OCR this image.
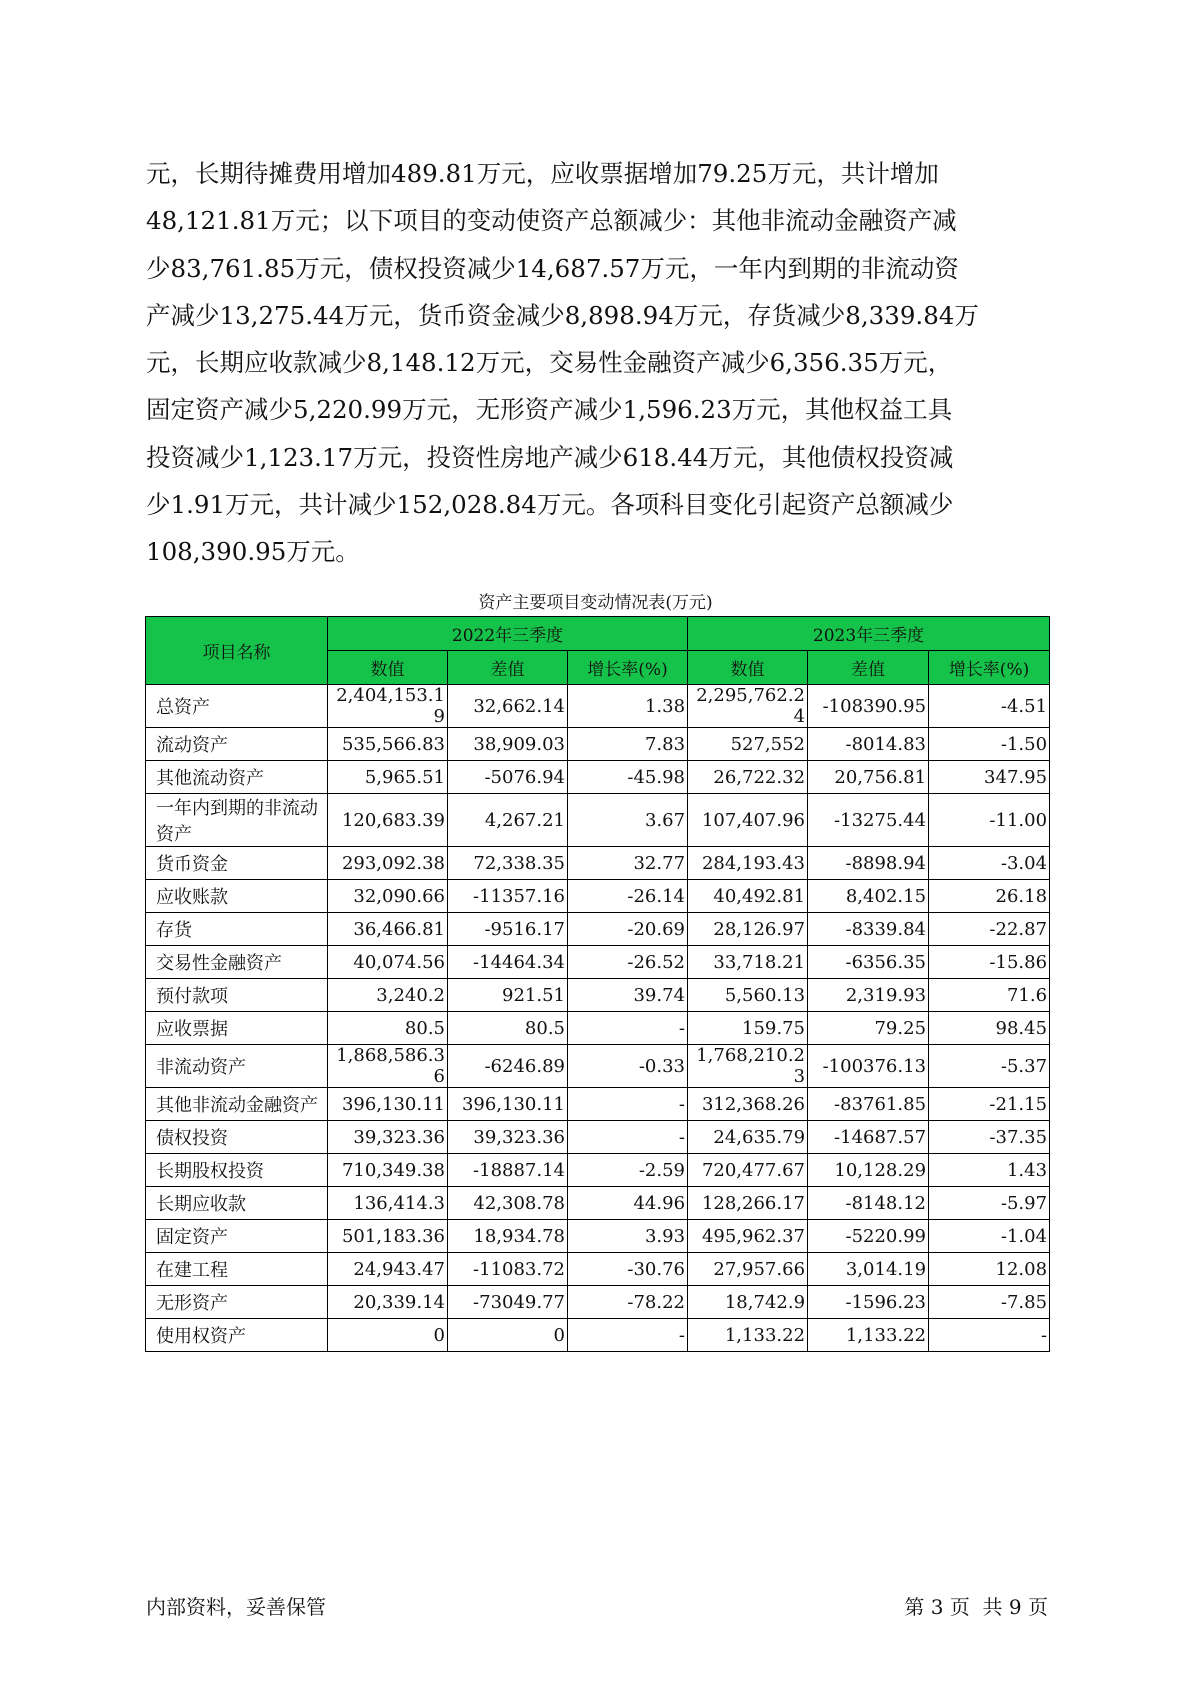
元，长期待摊费用增加489.81万元，应收票据增加79.25万元，共计增加
48,121.81万元；以下项目的变动使资产总额减少：其他非流动金融资产减
少83,761.85万元，债权投资减少14,687.57万元，一年内到期的非流动资
产减少13,275.44万元，货币资金减少8,898.94万元，存货减少8,339.84万
元，长期应收款减少8,148.12万元，交易性金融资产减少6,356.35万元，
固定资产减少5,220.99万元，无形资产减少1,596.23万元，其他权益工具
投资减少1,123.17万元，投资性房地产减少618.44万元，其他债权投资减
少1.91万元，共计减少152,028.84万元。各项科目变化引起资产总额减少
108,390.95万元。
资产主要项目变动情况表(万元)
项目名称	2022年三季度			2023年三季度		
	数值	差值	增长率(%)	数值	差值	增长率(%)
总资产	2,404,153.19	32,662.14	1.38	2,295,762.24	-108390.95	-4.51
流动资产	535,566.83	38,909.03	7.83	527,552	-8014.83	-1.50
其他流动资产	5,965.51	-5076.94	-45.98	26,722.32	20,756.81	347.95
一年内到期的非流动资产	120,683.39	4,267.21	3.67	107,407.96	-13275.44	-11.00
货币资金	293,092.38	72,338.35	32.77	284,193.43	-8898.94	-3.04
应收账款	32,090.66	-11357.16	-26.14	40,492.81	8,402.15	26.18
存货	36,466.81	-9516.17	-20.69	28,126.97	-8339.84	-22.87
交易性金融资产	40,074.56	-14464.34	-26.52	33,718.21	-6356.35	-15.86
预付款项	3,240.2	921.51	39.74	5,560.13	2,319.93	71.6
应收票据	80.5	80.5	-	159.75	79.25	98.45
非流动资产	1,868,586.36	-6246.89	-0.33	1,768,210.23	-100376.13	-5.37
其他非流动金融资产	396,130.11	396,130.11	-	312,368.26	-83761.85	-21.15
债权投资	39,323.36	39,323.36	-	24,635.79	-14687.57	-37.35
长期股权投资	710,349.38	-18887.14	-2.59	720,477.67	10,128.29	1.43
长期应收款	136,414.3	42,308.78	44.96	128,266.17	-8148.12	-5.97
固定资产	501,183.36	18,934.78	3.93	495,962.37	-5220.99	-1.04
在建工程	24,943.47	-11083.72	-30.76	27,957.66	3,014.19	12.08
无形资产	20,339.14	-73049.77	-78.22	18,742.9	-1596.23	-7.85
使用权资产	0	0	-	1,133.22	1,133.22	-
内部资料，妥善保管	第 3 页  共 9 页
